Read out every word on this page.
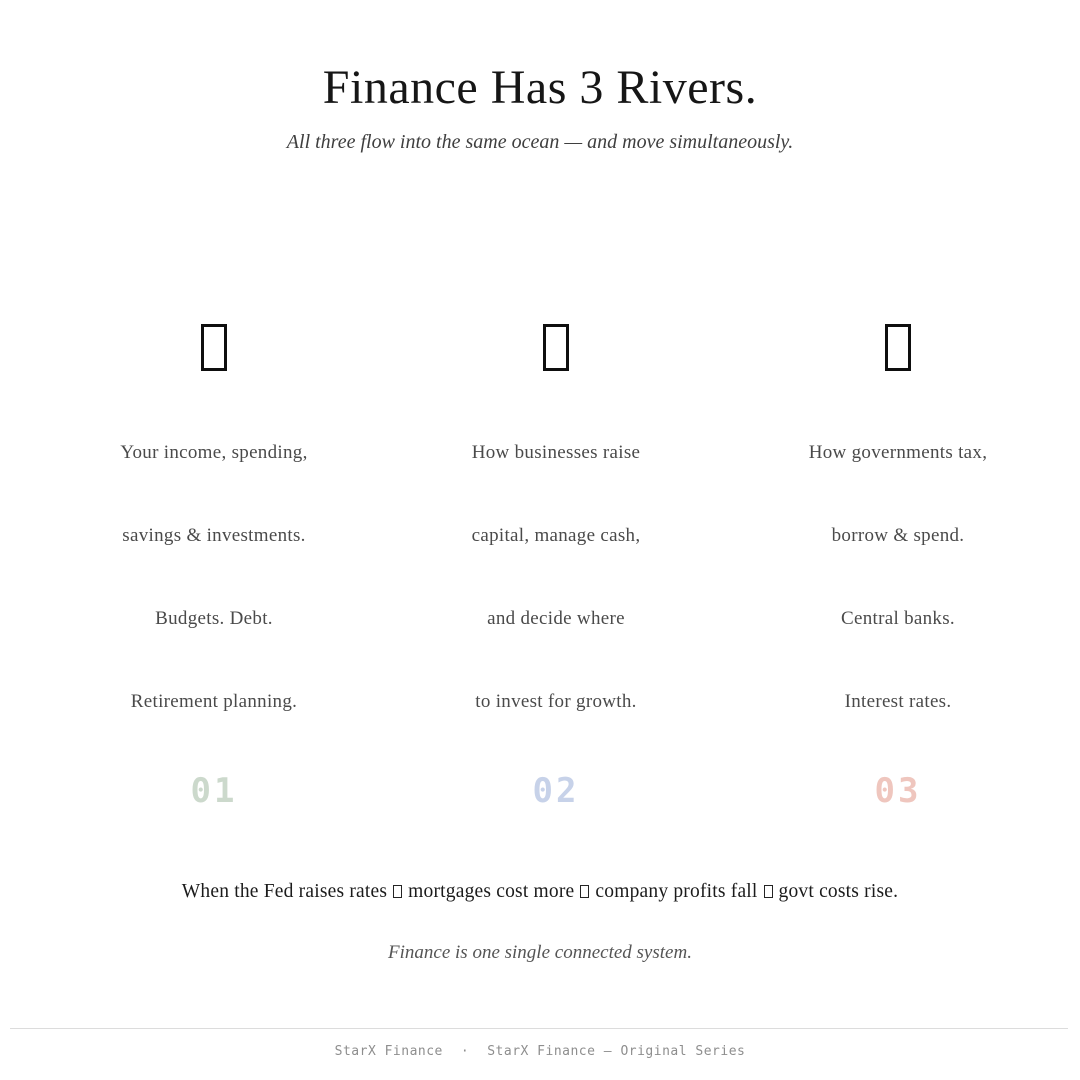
Finance Has 3 Rivers.
All three flow into the same ocean — and move simultaneously.
Your income, spending,
savings & investments.
Budgets. Debt.
Retirement planning.
01
How businesses raise
capital, manage cash,
and decide where
to invest for growth.
02
How governments tax,
borrow & spend.
Central banks.
Interest rates.
03
When the Fed raises rates mortgages cost more company profits fall govt costs rise.
Finance is one single connected system.
StarX Finance · StarX Finance — Original Series
